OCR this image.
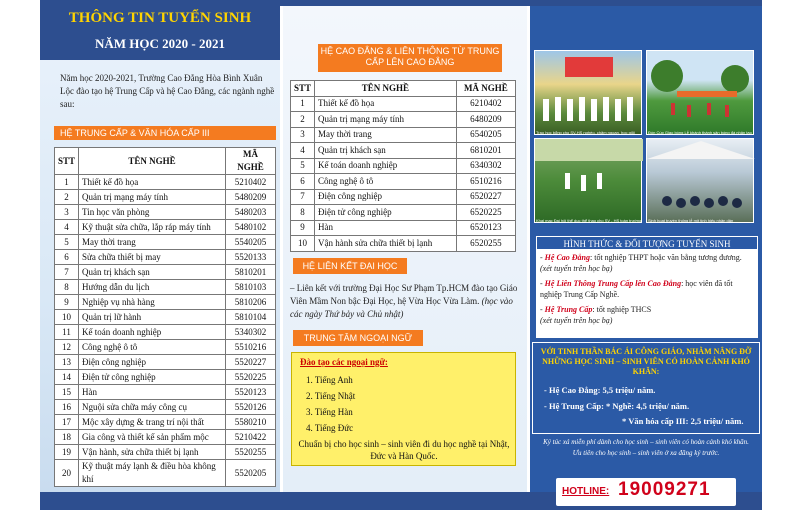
THÔNG TIN TUYỂN SINH
NĂM HỌC 2020 - 2021
Năm học 2020-2021, Trường Cao Đẳng Hòa Bình Xuân Lộc đào tạo hệ Trung Cấp và hệ Cao Đẳng, các ngành nghề sau:
HỆ TRUNG CẤP & VĂN HÓA CẤP III
STT	TÊN NGHỀ	MÃ NGHỀ
1	Thiết kế đồ họa	5210402
2	Quản trị mạng máy tính	5480209
3	Tin học văn phòng	5480203
4	Kỹ thuật sửa chữa, lắp ráp máy tính	5480102
5	May thời trang	5540205
6	Sửa chữa thiết bị may	5520133
7	Quản trị khách sạn	5810201
8	Hướng dẫn du lịch	5810103
9	Nghiệp vụ nhà hàng	5810206
10	Quản trị lữ hành	5810104
11	Kế toán doanh nghiệp	5340302
12	Công nghệ ô tô	5510216
13	Điện công nghiệp	5520227
14	Điện tử công nghiệp	5520225
15	Hàn	5520123
16	Nguội sửa chữa máy công cụ	5520126
17	Mộc xây dựng & trang trí nội thất	5580210
18	Gia công và thiết kế sản phẩm mộc	5210422
19	Vận hành, sửa chữa thiết bị lạnh	5520255
20	Kỹ thuật máy lạnh & điều hòa không khí	5520205
HỆ CAO ĐẲNG & LIÊN THÔNG TỪ TRUNG CẤP LÊN CAO ĐẲNG
STT	TÊN NGHỀ	MÃ NGHỀ
1	Thiết kế đồ họa	6210402
2	Quản trị mạng máy tính	6480209
3	May thời trang	6540205
4	Quản trị khách sạn	6810201
5	Kế toán doanh nghiệp	6340302
6	Công nghệ ô tô	6510216
7	Điện công nghiệp	6520227
8	Điện tử công nghiệp	6520225
9	Hàn	6520123
10	Vận hành sửa chữa thiết bị lạnh	6520255
HỆ LIÊN KẾT ĐẠI HỌC
– Liên kết với trường Đại Học Sư Phạm Tp.HCM đào tạo Giáo Viên Mầm Non bậc Đại Học, hệ Vừa Học Vừa Làm. (học vào các ngày Thứ bảy và Chủ nhật)
TRUNG TÂM NGOẠI NGỮ
Đào tạo các ngoại ngữ:
1. Tiếng Anh
2. Tiếng Nhật
3. Tiếng Hàn
4. Tiếng Đức
Chuẩn bị cho học sinh – sinh viên đi du học nghề tại Nhật, Đức và Hàn Quốc.
Trao học bổng cho SV-HS nghèo, chăm ngoan, học giỏi	Đón Cúp Giao bóng Lễ khánh thành sân bóng đá nhân tạo
Khai mạc Đại hội thể dục thể thao cho SV - HS toàn trường Sinh hoạt truyền thống lễ mít tinh hiếu nhân dân
HÌNH THỨC & ĐỐI TƯỢNG TUYỂN SINH
- Hệ Cao Đẳng: tốt nghiệp THPT hoặc văn bằng tương đương. (xét tuyển trên học bạ)
- Hệ Liên Thông Trung Cấp lên Cao Đẳng: học viên đã tốt nghiệp Trung Cấp Nghề.
- Hệ Trung Cấp: tốt nghiệp THCS
(xét tuyển trên học bạ)
VỚI TINH THẦN BÁC ÁI CÔNG GIÁO, NHẰM NÂNG ĐỠ NHỮNG HỌC SINH – SINH VIÊN CÓ HOÀN CẢNH KHÓ KHĂN:
- Hệ Cao Đẳng: 5,5 triệu/ năm.
- Hệ Trung Cấp: * Nghề: 4,5 triệu/ năm.
* Văn hóa cấp III: 2,5 triệu/ năm.
Ký túc xá miễn phí dành cho học sinh – sinh viên có hoàn cảnh khó khăn.
Ưu tiên cho học sinh – sinh viên ở xa đăng ký trước.
HOTLINE: 19009271
